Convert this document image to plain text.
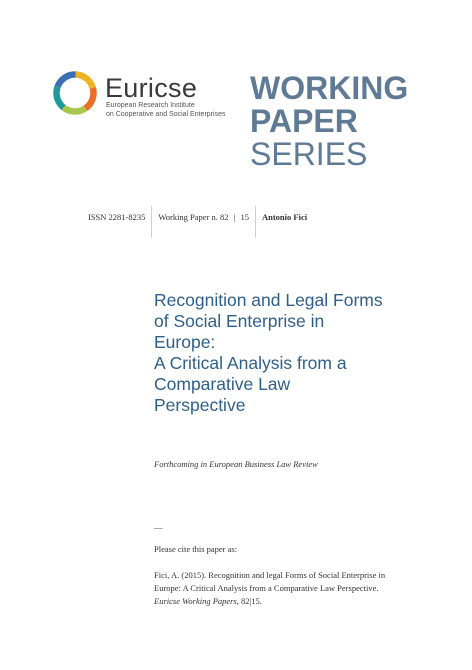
Euricse
European Research Institute
on Cooperative and Social Enterprises
WORKING
PAPER
SERIES
ISSN 2281-8235	Working Paper n. 82 | 15	Antonio Fici
Recognition and Legal Forms
of Social Enterprise in
Europe:
A Critical Analysis from a
Comparative Law
Perspective
Forthcoming in European Business Law Review
__
Please cite this paper as:
Fici, A. (2015). Recognition and legal Forms of Social Enterprise in
Europe: A Critical Analysis from a Comparative Law Perspective.
Euricse Working Papers, 82|15.
